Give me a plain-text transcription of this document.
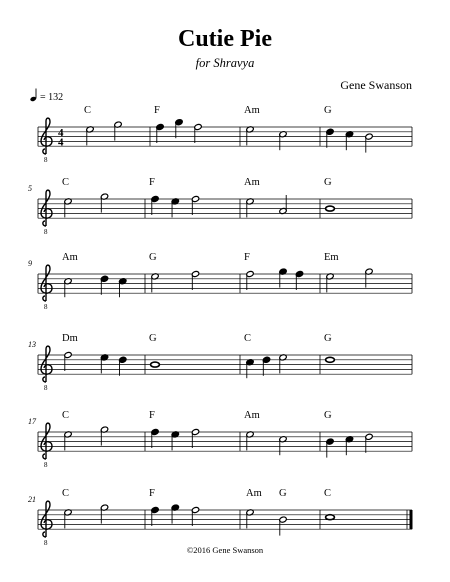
Cutie Pie
for Shravya
Gene Swanson
= 132
8
4
4
8
8
8
8
8
C	F	Am	G
5
C	F	Am	G
9
Am	G	F	Em
13
Dm	G	C	G
17
C	F	Am	G
21
C	F	Am G	C
©2016 Gene Swanson
